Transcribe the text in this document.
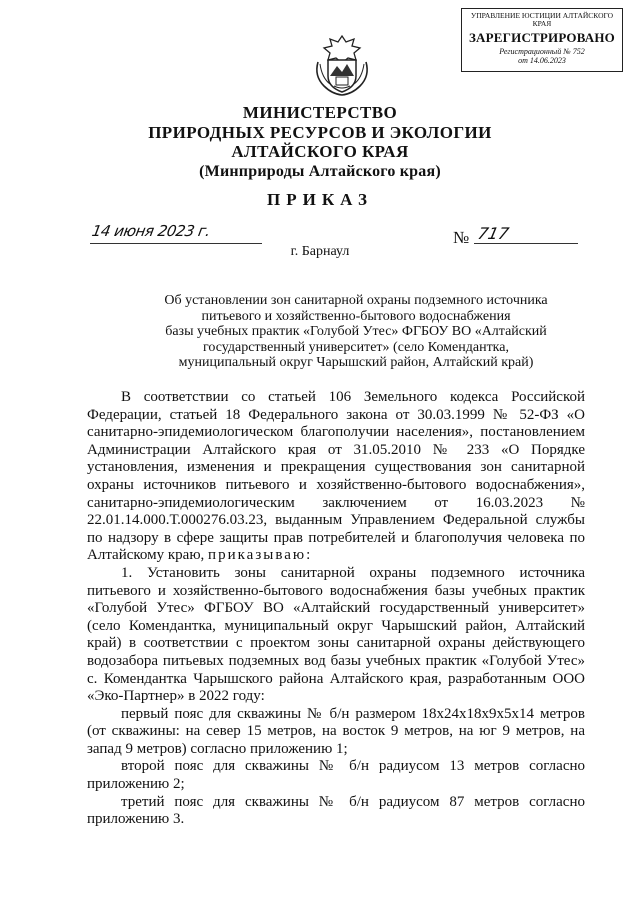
УПРАВЛЕНИЕ ЮСТИЦИИ АЛТАЙСКОГО КРАЯ
ЗАРЕГИСТРИРОВАНО
Регистрационный № 752
от 14.06.2023
МИНИСТЕРСТВО
ПРИРОДНЫХ РЕСУРСОВ И ЭКОЛОГИИ
АЛТАЙСКОГО КРАЯ
(Минприроды Алтайского края)
ПРИКАЗ
14 июня 2023 г.	№ 717
г. Барнаул
Об установлении зон санитарной охраны подземного источника
питьевого и хозяйственно-бытового водоснабжения
базы учебных практик «Голубой Утес» ФГБОУ ВО «Алтайский
государственный университет» (село Комендантка,
муниципальный округ Чарышский район, Алтайский край)

В соответствии со статьей 106 Земельного кодекса Российской Федерации, статьей 18 Федерального закона от 30.03.1999 № 52-ФЗ «О санитарно-эпидемиологическом благополучии населения», постановлением Администрации Алтайского края от 31.05.2010 № 233 «О Порядке установления, изменения и прекращения существования зон санитарной охраны источников питьевого и хозяйственно-бытового водоснабжения», санитарно-эпидемиологическим заключением от 16.03.2023 № 22.01.14.000.Т.000276.03.23, выданным Управлением Федеральной службы по надзору в сфере защиты прав потребителей и благополучия человека по Алтайскому краю, приказываю:

1. Установить зоны санитарной охраны подземного источника питьевого и хозяйственно-бытового водоснабжения базы учебных практик «Голубой Утес» ФГБОУ ВО «Алтайский государственный университет» (село Комендантка, муниципальный округ Чарышский район, Алтайский край) в соответствии с проектом зоны санитарной охраны действующего водозабора питьевых подземных вод базы учебных практик «Голубой Утес» с. Комендантка Чарышского района Алтайского края, разработанным ООО «Эко-Партнер» в 2022 году:

первый пояс для скважины № б/н размером 18x24x18x9x5x14 метров (от скважины: на север 15 метров, на восток 9 метров, на юг 9 метров, на запад 9 метров) согласно приложению 1;

второй пояс для скважины № б/н радиусом 13 метров согласно приложению 2;

третий пояс для скважины № б/н радиусом 87 метров согласно приложению 3.
